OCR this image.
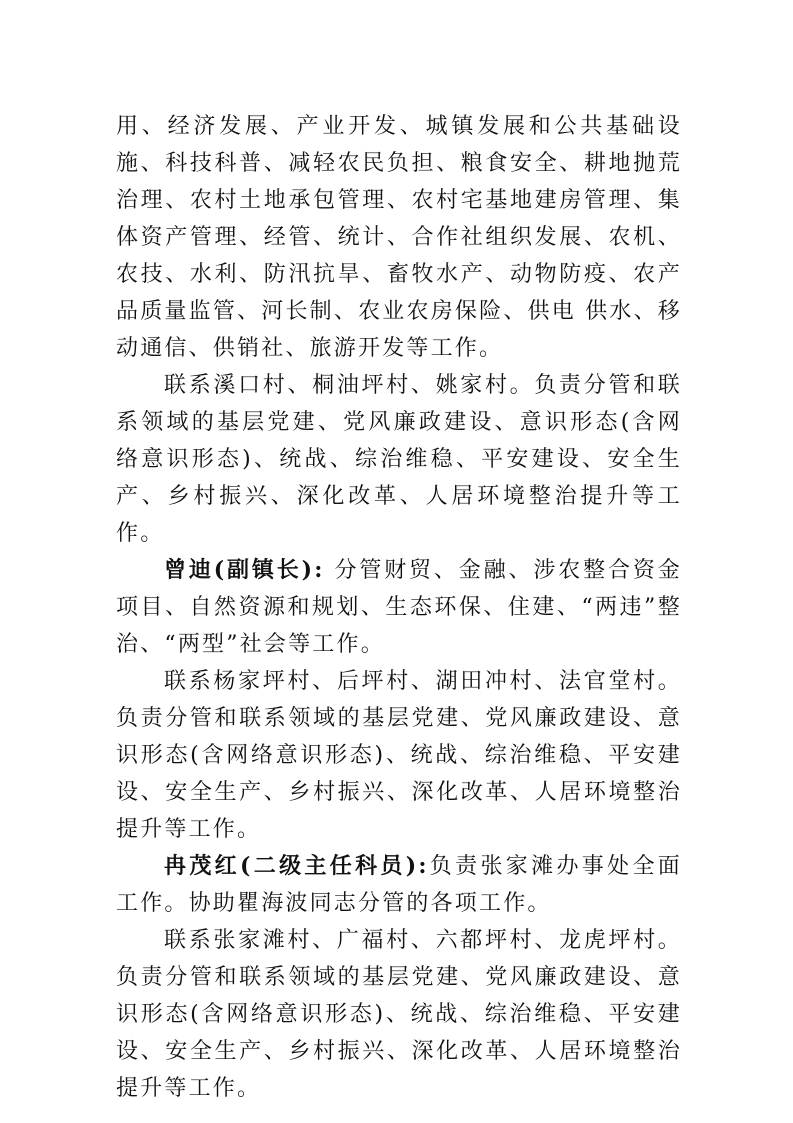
用、经济发展、产业开发、城镇发展和公共基础设施、科技科普、减轻农民负担、粮食安全、耕地抛荒治理、农村土地承包管理、农村宅基地建房管理、集体资产管理、经管、统计、合作社组织发展、农机、农技、水利、防汛抗旱、畜牧水产、动物防疫、农产品质量监管、河长制、农业农房保险、供电 供水、移动通信、供销社、旅游开发等工作。

联系溪口村、桐油坪村、姚家村。负责分管和联系领域的基层党建、党风廉政建设、意识形态(含网络意识形态)、统战、综治维稳、平安建设、安全生产、乡村振兴、深化改革、人居环境整治提升等工作。

曾迪(副镇长): 分管财贸、金融、涉农整合资金项目、自然资源和规划、生态环保、住建、“两违”整治、“两型”社会等工作。

联系杨家坪村、后坪村、湖田冲村、法官堂村。负责分管和联系领域的基层党建、党风廉政建设、意识形态(含网络意识形态)、统战、综治维稳、平安建设、安全生产、乡村振兴、深化改革、人居环境整治提升等工作。

冉茂红(二级主任科员):负责张家滩办事处全面工作。协助瞿海波同志分管的各项工作。

联系张家滩村、广福村、六都坪村、龙虎坪村。负责分管和联系领域的基层党建、党风廉政建设、意识形态(含网络意识形态)、统战、综治维稳、平安建设、安全生产、乡村振兴、深化改革、人居环境整治提升等工作。
